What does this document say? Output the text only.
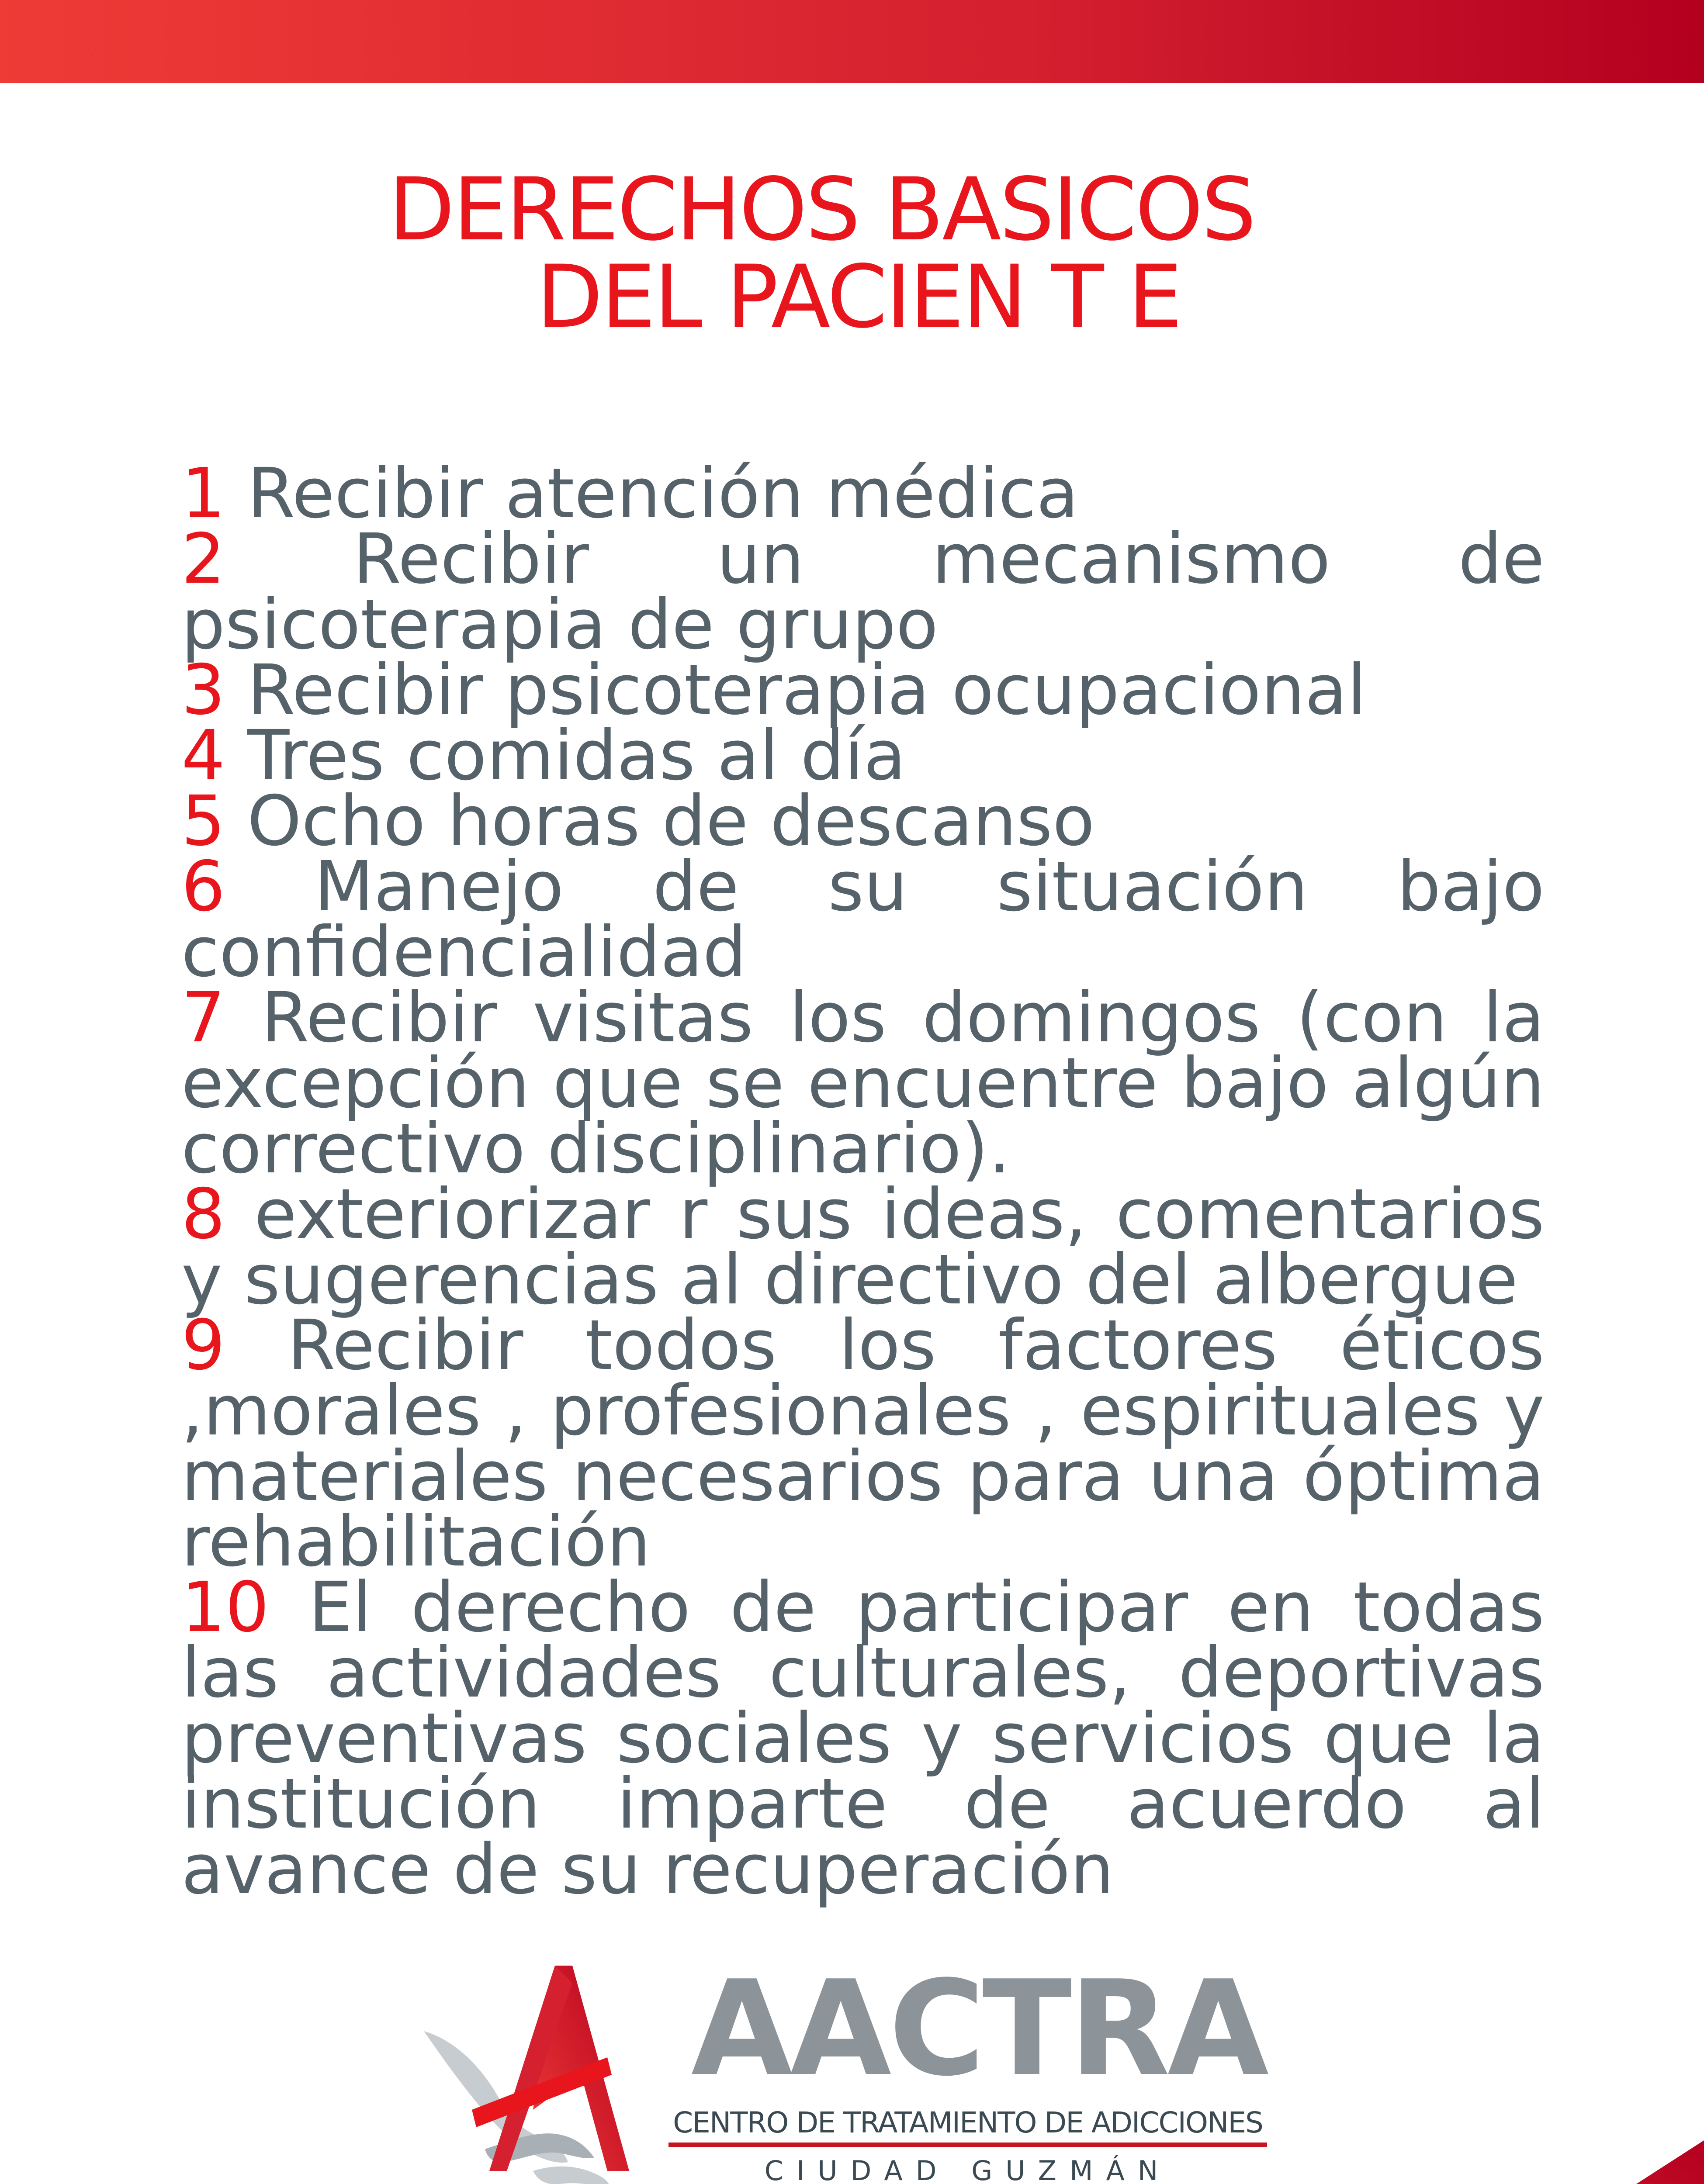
DERECHOS BASICOS
DEL PACIEN T E
1 Recibir atención médica
2 Recibir un mecanismo de psicoterapia de grupo
3 Recibir psicoterapia ocupacional
4 Tres comidas al día
5 Ocho horas de descanso
6 Manejo de su situación bajo confidencialidad
7 Recibir visitas los domingos (con la excepción que se encuentre bajo algún correctivo disciplinario).
8 exteriorizar r sus ideas, comentarios y sugerencias al directivo del albergue
9 Recibir todos los factores éticos ,morales , profesionales , espirituales y materiales necesarios para una óptima rehabilitación
10 El derecho de participar en todas las actividades culturales, deportivas preventivas sociales y servicios que la institución imparte de acuerdo al avance de su recuperación
AACTRA
CENTRO DE TRATAMIENTO DE ADICCIONES
CIUDAD GUZMÁN
